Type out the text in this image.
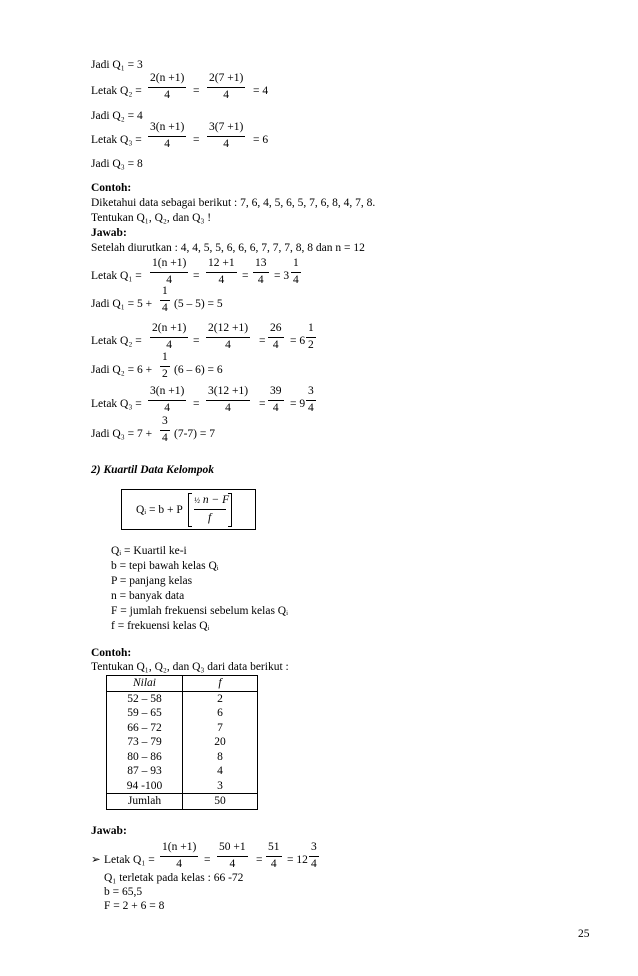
Jadi Q₁ = 3
Letak Q₂ =
2(n +1)
4	=
2(7 +1)
4	= 4
Jadi Q₂ = 4
Letak Q₃ =
3(n +1)
4	=
3(7 +1)
4	= 6
Jadi Q₃ = 8
Contoh:
Diketahui data sebagai berikut : 7, 6, 4, 5, 6, 5, 7, 6, 8, 4, 7, 8.
Tentukan Q₁, Q₂, dan Q₃ !
Jawab:
Setelah diurutkan : 4, 4, 5, 5, 6, 6, 6, 7, 7, 7, 8, 8 dan n = 12
Letak Q₁ =
1(n +1)
4	=
12 +1
4	=
13
4 = 3
1
4
Jadi Q₁ = 5 +
1
4 (5 – 5) = 5
Letak Q₂ =
2(n +1)
4	=
2(12 +1)
4	=
26
4 = 6
1
2
Jadi Q₂ = 6 +
1
2 (6 – 6) = 6
Letak Q₃ =
3(n +1)
4	=
3(12 +1)
4	=
39
4 = 9
3
4
Jadi Q₃ = 7 +
3
4 (7-7) = 7
2) Kuartil Data Kelompok
Qᵢ = b + P
½ n − F
f
Qᵢ = Kuartil ke-i
b = tepi bawah kelas Qᵢ
P = panjang kelas
n = banyak data
F = jumlah frekuensi sebelum kelas Qᵢ
f = frekuensi kelas Qᵢ
Contoh:
Tentukan Q₁, Q₂, dan Q₃ dari data berikut :
Nilai	f
52 – 58	2
59 – 65	6
66 – 72	7
73 – 79	20
80 – 86	8
87 – 93	4
94 -100	3
Jumlah	50
Jawab:
➢ Letak Q₁ =
1(n +1)
4	=
50 +1
4	=
51
4 = 12
3
4
Q₁ terletak pada kelas : 66 -72
b = 65,5
F = 2 + 6 = 8
25
